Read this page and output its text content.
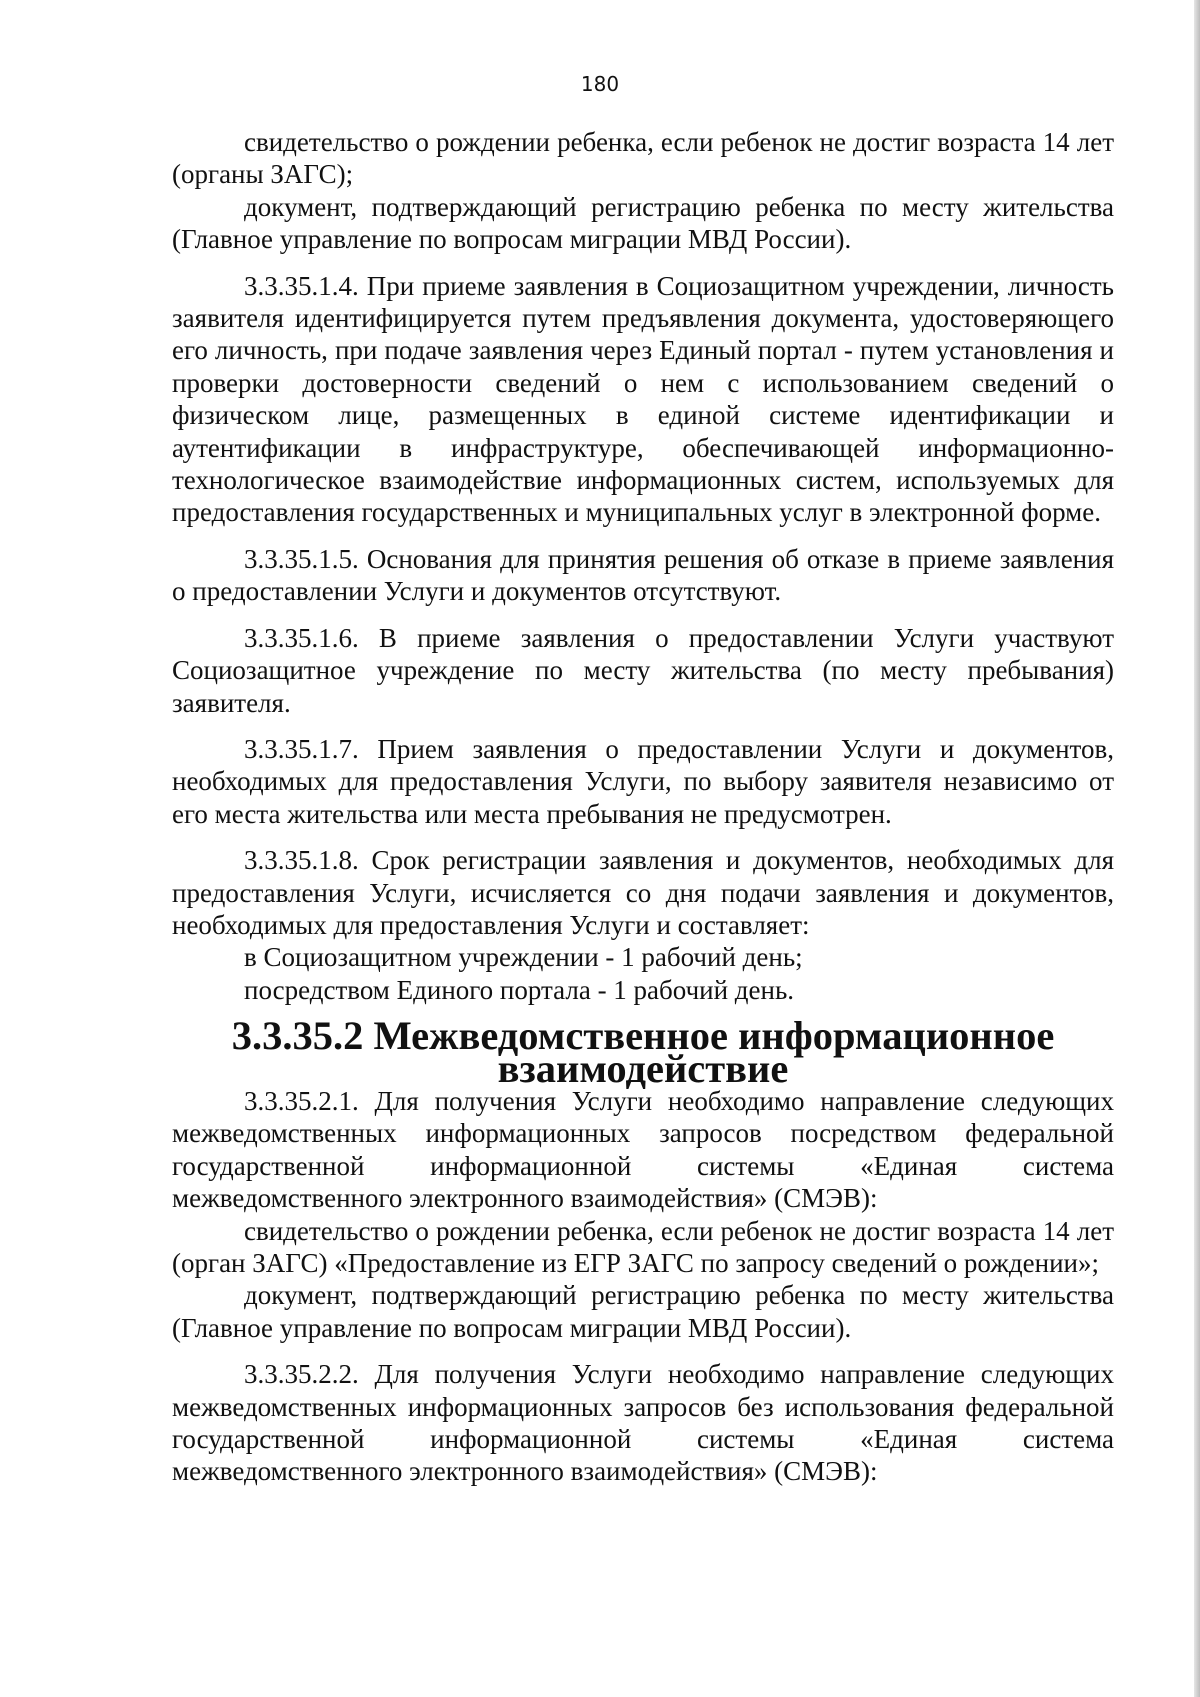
180

свидетельство о рождении ребенка, если ребенок не достиг возраста 14 лет (органы ЗАГС);

документ, подтверждающий регистрацию ребенка по месту жительства (Главное управление по вопросам миграции МВД России).

3.3.35.1.4. При приеме заявления в Социозащитном учреждении, личность заявителя идентифицируется путем предъявления документа, удостоверяющего его личность, при подаче заявления через Единый портал - путем установления и проверки достоверности сведений о нем с использованием сведений о физическом лице, размещенных в единой системе идентификации и аутентификации в инфраструктуре, обеспечивающей информационно-технологическое взаимодействие информационных систем, используемых для предоставления государственных и муниципальных услуг в электронной форме.

3.3.35.1.5. Основания для принятия решения об отказе в приеме заявления о предоставлении Услуги и документов отсутствуют.

3.3.35.1.6. В приеме заявления о предоставлении Услуги участвуют Социозащитное учреждение по месту жительства (по месту пребывания) заявителя.

3.3.35.1.7. Прием заявления о предоставлении Услуги и документов, необходимых для предоставления Услуги, по выбору заявителя независимо от его места жительства или места пребывания не предусмотрен.

3.3.35.1.8. Срок регистрации заявления и документов, необходимых для предоставления Услуги, исчисляется со дня подачи заявления и документов, необходимых для предоставления Услуги и составляет:

в Социозащитном учреждении - 1 рабочий день;

посредством Единого портала - 1 рабочий день.

3.3.35.2 Межведомственное информационное взаимодействие

3.3.35.2.1. Для получения Услуги необходимо направление следующих межведомственных информационных запросов посредством федеральной государственной информационной системы «Единая система межведомственного электронного взаимодействия» (СМЭВ):

свидетельство о рождении ребенка, если ребенок не достиг возраста 14 лет (орган ЗАГС) «Предоставление из ЕГР ЗАГС по запросу сведений о рождении»;

документ, подтверждающий регистрацию ребенка по месту жительства (Главное управление по вопросам миграции МВД России).

3.3.35.2.2. Для получения Услуги необходимо направление следующих межведомственных информационных запросов без использования федеральной государственной информационной системы «Единая система межведомственного электронного взаимодействия» (СМЭВ):
